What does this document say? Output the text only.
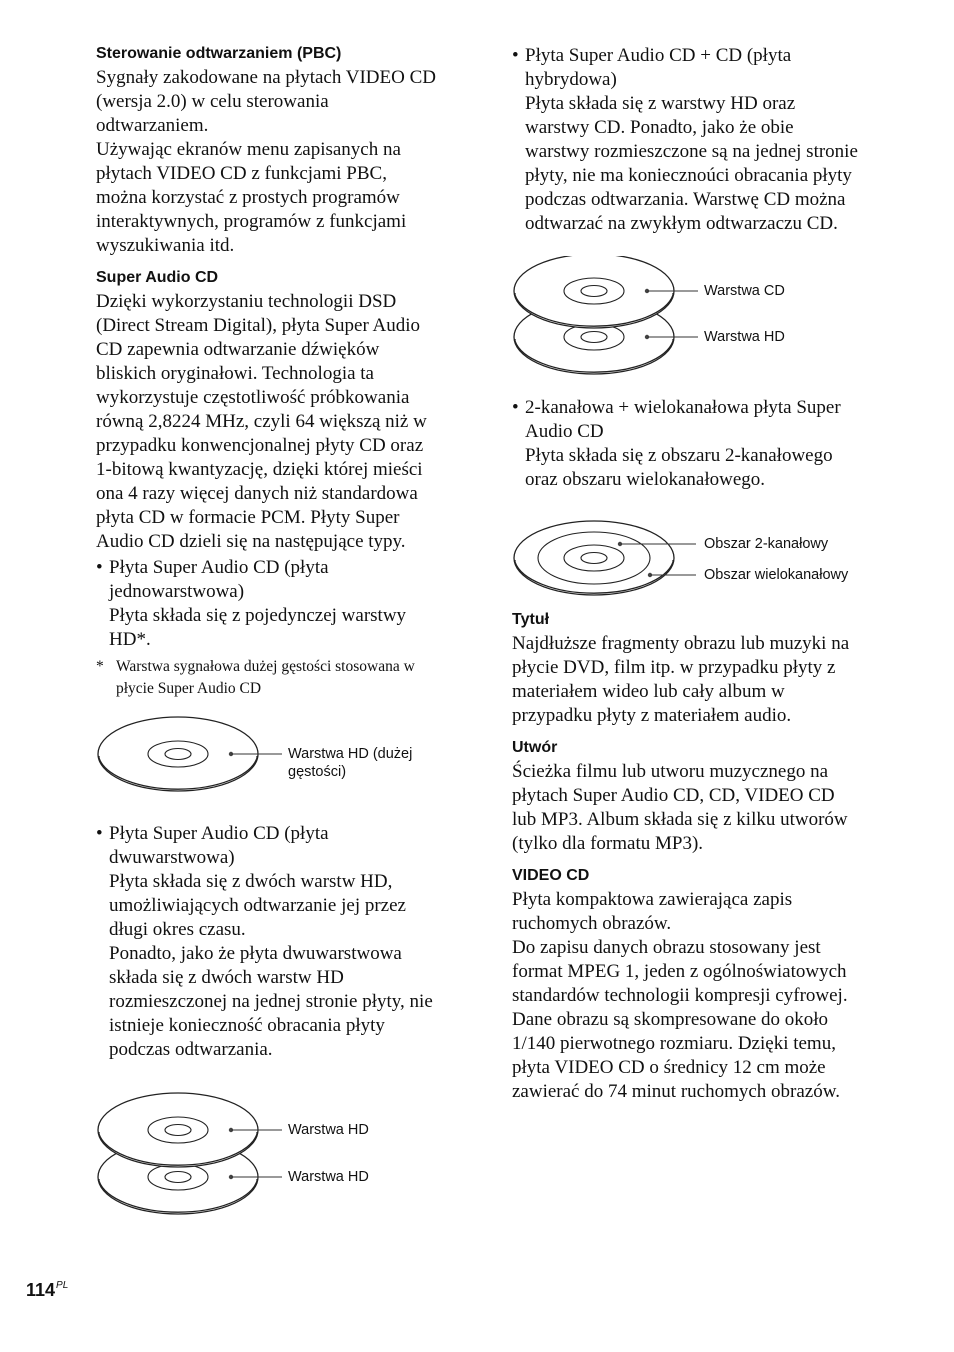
Sterowanie odtwarzaniem (PBC)
Sygnały zakodowane na płytach VIDEO CD
(wersja 2.0) w celu sterowania
odtwarzaniem.
Używając ekranów menu zapisanych na
płytach VIDEO CD z funkcjami PBC,
można korzystać z prostych programów
interaktywnych, programów z funkcjami
wyszukiwania itd.
Super Audio CD
Dzięki wykorzystaniu technologii DSD
(Direct Stream Digital), płyta Super Audio
CD zapewnia odtwarzanie dźwięków
bliskich oryginałowi. Technologia ta
wykorzystuje częstotliwość próbkowania
równą 2,8224 MHz, czyli 64 większą niż w
przypadku konwencjonalnej płyty CD oraz
1-bitową kwantyzację, dzięki której mieści
ona 4 razy więcej danych niż standardowa
płyta CD w formacie PCM. Płyty Super
Audio CD dzieli się na następujące typy.
• Płyta Super Audio CD (płyta
jednowarstwowa)
Płyta składa się z pojedynczej warstwy
HD*.
* Warstwa sygnałowa dużej gęstości stosowana w
płycie Super Audio CD
Warstwa HD (dużej
gęstości)
• Płyta Super Audio CD (płyta
dwuwarstwowa)
Płyta składa się z dwóch warstw HD,
umożliwiających odtwarzanie jej przez
długi okres czasu.
Ponadto, jako że płyta dwuwarstwowa
składa się z dwóch warstw HD
rozmieszczonej na jednej stronie płyty, nie
istnieje konieczność obracania płyty
podczas odtwarzania.
Warstwa HD
Warstwa HD
• Płyta Super Audio CD + CD (płyta
hybrydowa)
Płyta składa się z warstwy HD oraz
warstwy CD. Ponadto, jako że obie
warstwy rozmieszczone są na jednej stronie
płyty, nie ma koniecznoúci obracania płyty
podczas odtwarzania. Warstwę CD można
odtwarzać na zwykłym odtwarzaczu CD.
Warstwa CD
Warstwa HD
• 2-kanałowa + wielokanałowa płyta Super
Audio CD
Płyta składa się z obszaru 2-kanałowego
oraz obszaru wielokanałowego.
Obszar 2-kanałowy
Obszar wielokanałowy
Tytuł
Najdłuższe fragmenty obrazu lub muzyki na
płycie DVD, film itp. w przypadku płyty z
materiałem wideo lub cały album w
przypadku płyty z materiałem audio.
Utwór
Ścieżka filmu lub utworu muzycznego na
płytach Super Audio CD, CD, VIDEO CD
lub MP3. Album składa się z kilku utworów
(tylko dla formatu MP3).
VIDEO CD
Płyta kompaktowa zawierająca zapis
ruchomych obrazów.
Do zapisu danych obrazu stosowany jest
format MPEG 1, jeden z ogólnoświatowych
standardów technologii kompresji cyfrowej.
Dane obrazu są skompresowane do około
1/140 pierwotnego rozmiaru. Dzięki temu,
płyta VIDEO CD o średnicy 12 cm może
zawierać do 74 minut ruchomych obrazów.
$114^{PL}$
